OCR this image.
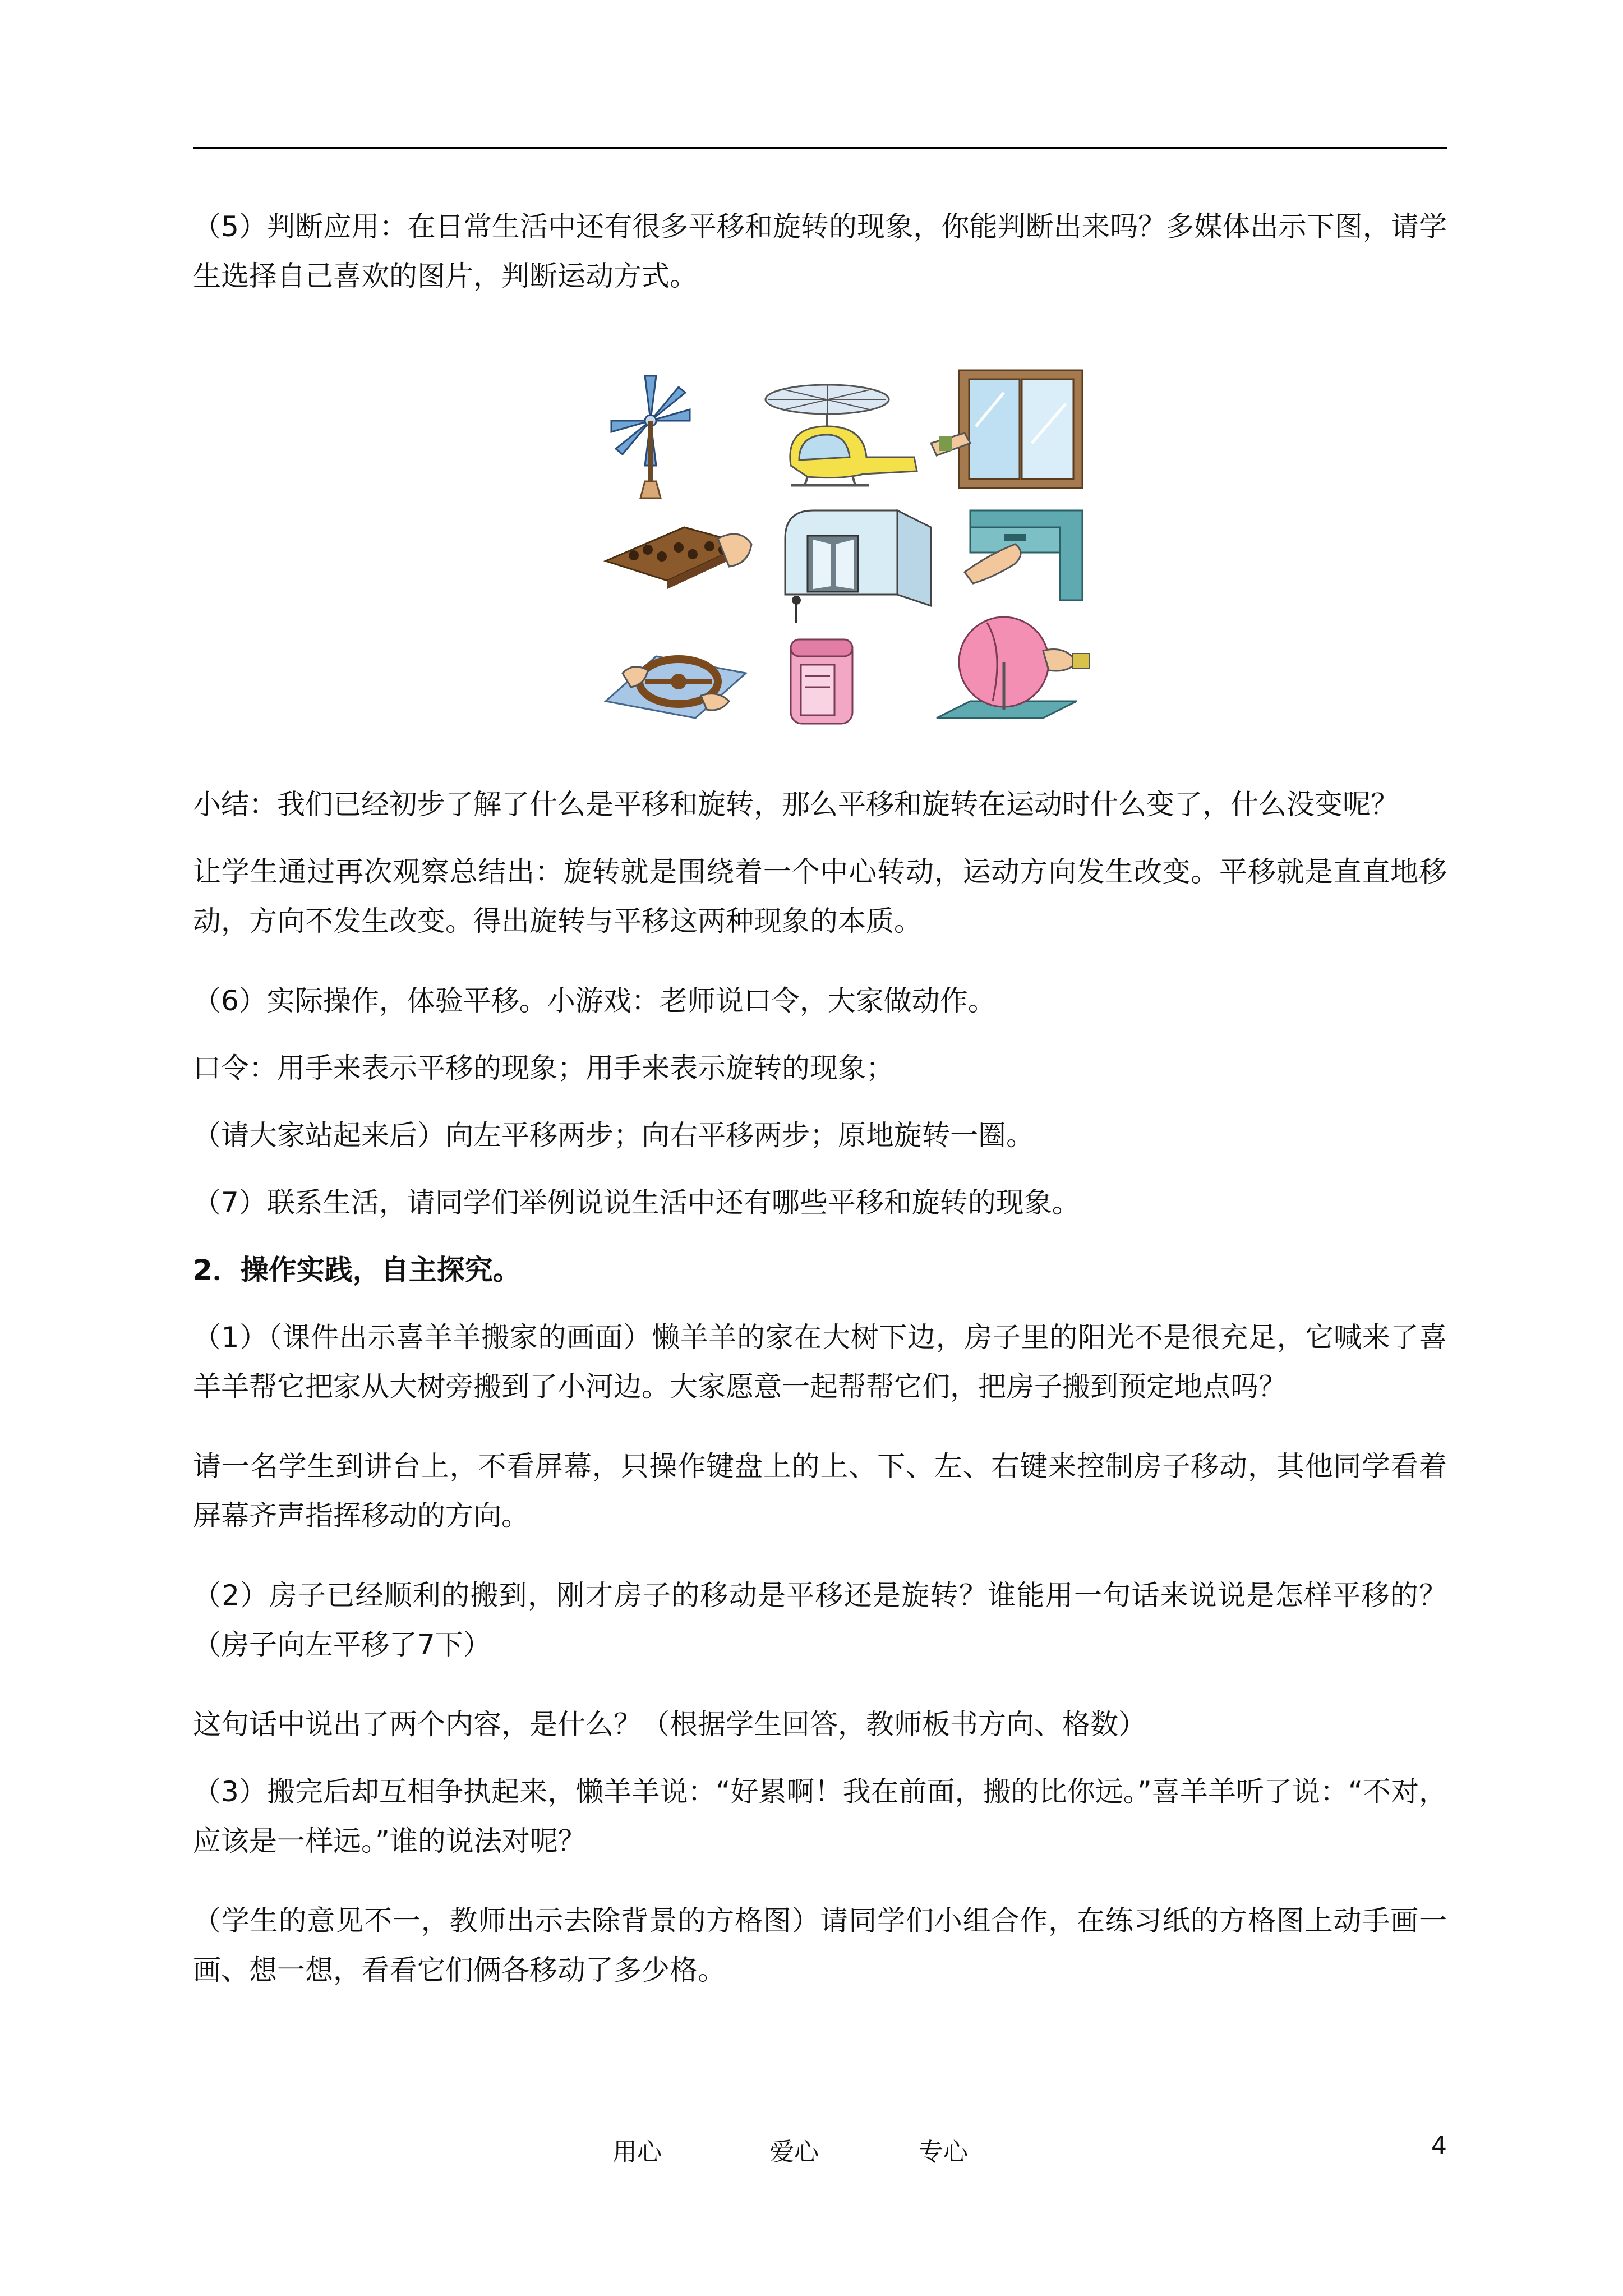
（5）判断应用：在日常生活中还有很多平移和旋转的现象，你能判断出来吗？多媒体出示下图，请学生选择自己喜欢的图片，判断运动方式。

小结：我们已经初步了解了什么是平移和旋转，那么平移和旋转在运动时什么变了，什么没变呢？

让学生通过再次观察总结出：旋转就是围绕着一个中心转动，运动方向发生改变。平移就是直直地移动，方向不发生改变。得出旋转与平移这两种现象的本质。

（6）实际操作，体验平移。小游戏：老师说口令，大家做动作。

口令：用手来表示平移的现象；用手来表示旋转的现象；

（请大家站起来后）向左平移两步；向右平移两步；原地旋转一圈。

（7）联系生活，请同学们举例说说生活中还有哪些平移和旋转的现象。

2．操作实践，自主探究。

（1）（课件出示喜羊羊搬家的画面）懒羊羊的家在大树下边，房子里的阳光不是很充足，它喊来了喜羊羊帮它把家从大树旁搬到了小河边。大家愿意一起帮帮它们，把房子搬到预定地点吗？

请一名学生到讲台上，不看屏幕，只操作键盘上的上、下、左、右键来控制房子移动，其他同学看着屏幕齐声指挥移动的方向。

（2）房子已经顺利的搬到，刚才房子的移动是平移还是旋转？谁能用一句话来说说是怎样平移的？（房子向左平移了7下）

这句话中说出了两个内容，是什么？（根据学生回答，教师板书方向、格数）

（3）搬完后却互相争执起来，懒羊羊说：“好累啊！我在前面，搬的比你远。”喜羊羊听了说：“不对，应该是一样远。”谁的说法对呢？

（学生的意见不一，教师出示去除背景的方格图）请同学们小组合作，在练习纸的方格图上动手画一画、想一想，看看它们俩各移动了多少格。

用心	爱心	专心	4
